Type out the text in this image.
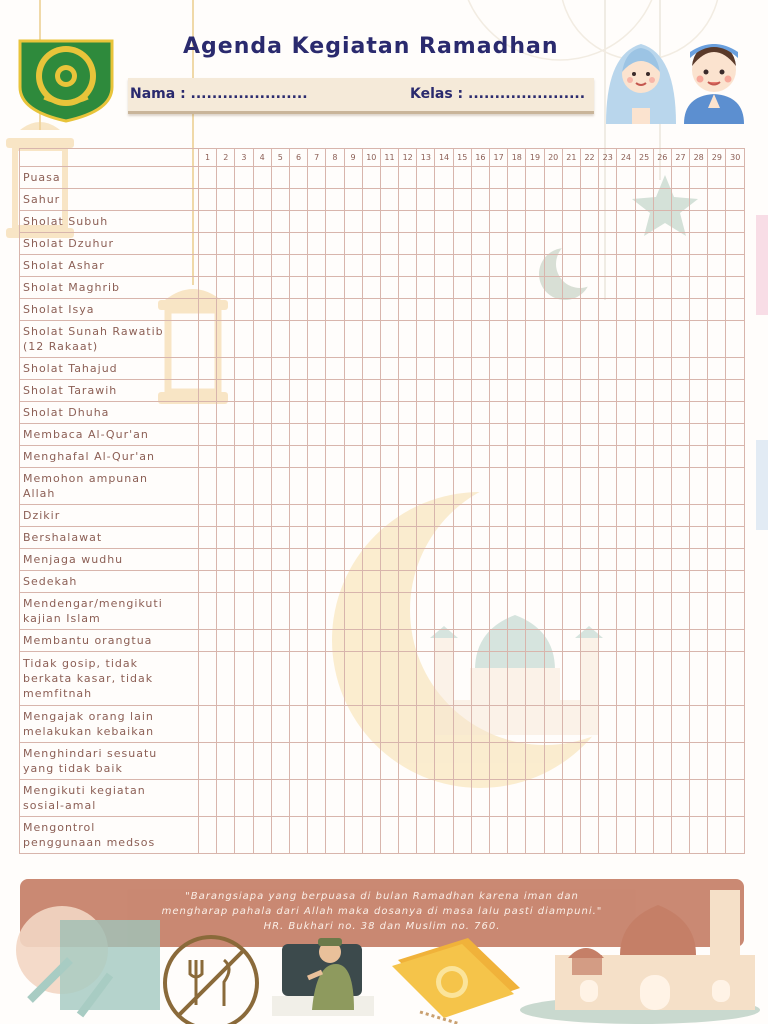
Agenda Kegiatan Ramadhan
Nama : ......................	Kelas : ......................
	1	2	3	4	5	6	7	8	9	10	11	12	13	14	15	16	17	18	19	20	21	22	23	24	25	26	27	28	29	30

Puasa																														

Sahur																														

Sholat Subuh																														

Sholat Dzuhur																														

Sholat Ashar																														

Sholat Maghrib																														

Sholat Isya																														

Sholat Sunah Rawatib
(12 Rakaat)																														

Sholat Tahajud																														

Sholat Tarawih																														

Sholat Dhuha																														

Membaca Al-Qur'an																														

Menghafal Al-Qur'an																														

Memohon ampunan
Allah																														

Dzikir																														

Bershalawat																														

Menjaga wudhu																														

Sedekah																														

Mendengar/mengikuti
kajian Islam																														

Membantu orangtua																														

Tidak gosip, tidak
berkata kasar, tidak
memfitnah																														

Mengajak orang lain
melakukan kebaikan																														

Menghindari sesuatu
yang tidak baik																														

Mengikuti kegiatan
sosial-amal																														

Mengontrol
penggunaan medsos																														

"Barangsiapa yang berpuasa di bulan Ramadhan karena iman dan

mengharap pahala dari Allah maka dosanya di masa lalu pasti diampuni."

HR. Bukhari no. 38 dan Muslim no. 760.
